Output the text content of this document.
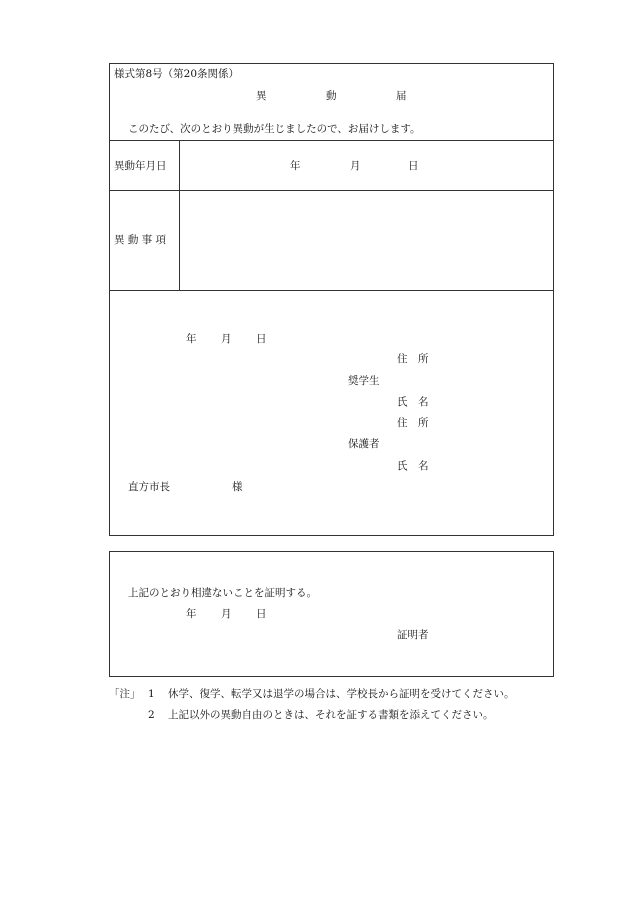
様式第8号（第20条関係）
異	動	届
このたび、次のとおり異動が生じましたので、お届けします。
異動年月日	年	月	日
異 動 事 項
年 月 日
住　所
奨学生
氏　名
住　所
保護者
氏　名
直方市長	様
上記のとおり相違ないことを証明する。
年 月 日
証明者
「注」 1 休学、復学、転学又は退学の場合は、学校長から証明を受けてください。
2 上記以外の異動自由のときは、それを証する書類を添えてください。
